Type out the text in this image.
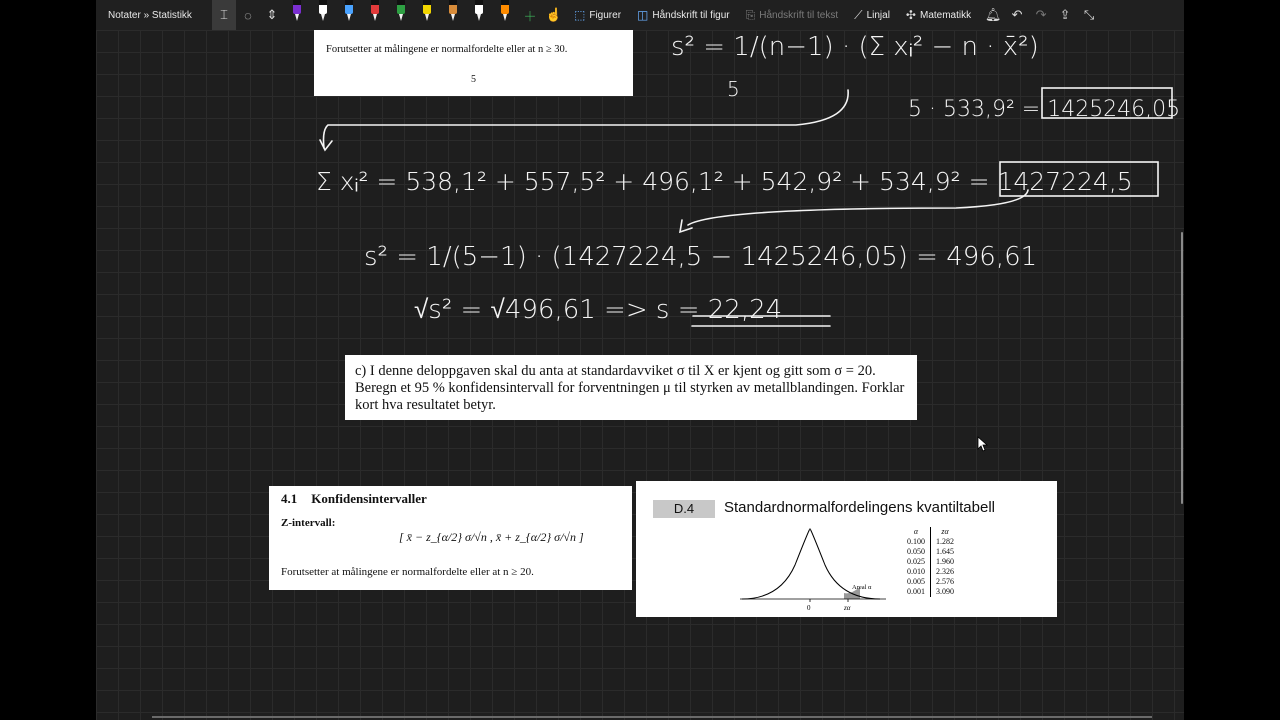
Notater » Statistikk	⌶	◌	⇕	＋ ☝ ⬚ Figurer ◫ Håndskrift til figur ⎘ Håndskrift til tekst ⟋ Linjal ✣ Matematikk 🔔︎ ↶	↷	⇪	⤡
Forutsetter at målingene er normalfordelte eller at n ≥ 30.
5
s² = 1/(n−1) · (Σ xᵢ² − n · x̄²)
5
5 · 533,9² = 1425246,05
Σ xᵢ² = 538,1² + 557,5² + 496,1² + 542,9² + 534,9² = 1427224,5
s² = 1/(5−1) · (1427224,5 − 1425246,05) = 496,61
√s² = √496,61 => s = 22,24
c) I denne deloppgaven skal du anta at standardavviket σ til X er kjent og gitt som σ = 20. Beregn et 95 % konfidensintervall for forventningen μ til styrken av metallblandingen. Forklar kort hva resultatet betyr.
4.1 Konfidensintervaller
Z-intervall:
[ x̄ − z_{α/2} σ/√n , x̄ + z_{α/2} σ/√n ]
Forutsetter at målingene er normalfordelte eller at n ≥ 20.
D.4	Standardnormalfordelingens kvantiltabell
0	zα
Areal α
α	zα
0.100	1.282
0.050	1.645
0.025	1.960
0.010	2.326
0.005	2.576
0.001	3.090
